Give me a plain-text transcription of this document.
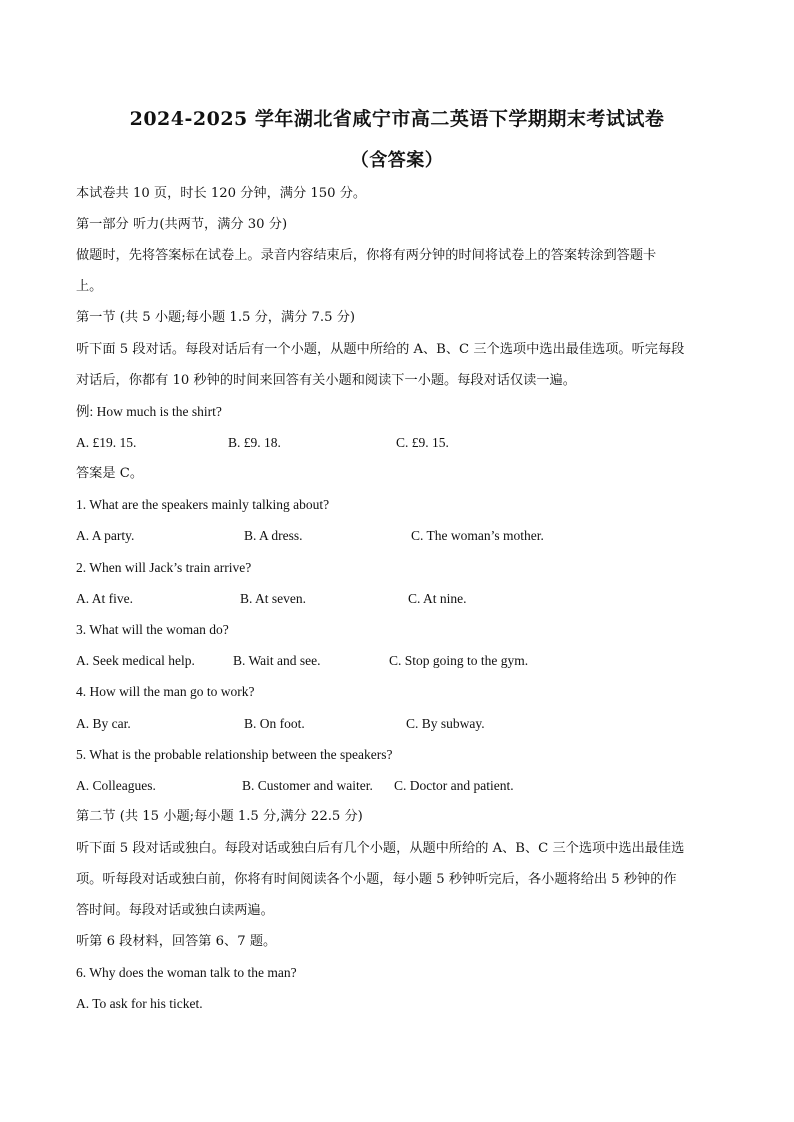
2024-2025 学年湖北省咸宁市高二英语下学期期末考试试卷
（含答案）
本试卷共 10 页，时长 120 分钟，满分 150 分。
第一部分 听力(共两节，满分 30 分)
做题时，先将答案标在试卷上。录音内容结束后，你将有两分钟的时间将试卷上的答案转涂到答题卡
上。
第一节 (共 5 小题;每小题 1.5 分，满分 7.5 分)
听下面 5 段对话。每段对话后有一个小题，从题中所给的 A、B、C 三个选项中选出最佳选项。听完每段
对话后，你都有 10 秒钟的时间来回答有关小题和阅读下一小题。每段对话仅读一遍。
例: How much is the shirt?
A. £19. 15.	B. £9. 18.	C. £9. 15.
答案是 C。
1. What are the speakers mainly talking about?
A. A party.	B. A dress.	C. The woman’s mother.
2. When will Jack’s train arrive?
A. At five.	B. At seven.	C. At nine.
3. What will the woman do?
A. Seek medical help.	B. Wait and see.	C. Stop going to the gym.
4. How will the man go to work?
A. By car.	B. On foot.	C. By subway.
5. What is the probable relationship between the speakers?
A. Colleagues.	B. Customer and waiter. C. Doctor and patient.
第二节 (共 15 小题;每小题 1.5 分,满分 22.5 分)
听下面 5 段对话或独白。每段对话或独白后有几个小题，从题中所给的 A、B、C 三个选项中选出最佳选
项。听每段对话或独白前，你将有时间阅读各个小题，每小题 5 秒钟听完后，各小题将给出 5 秒钟的作
答时间。每段对话或独白读两遍。
听第 6 段材料，回答第 6、7 题。
6. Why does the woman talk to the man?
A. To ask for his ticket.
